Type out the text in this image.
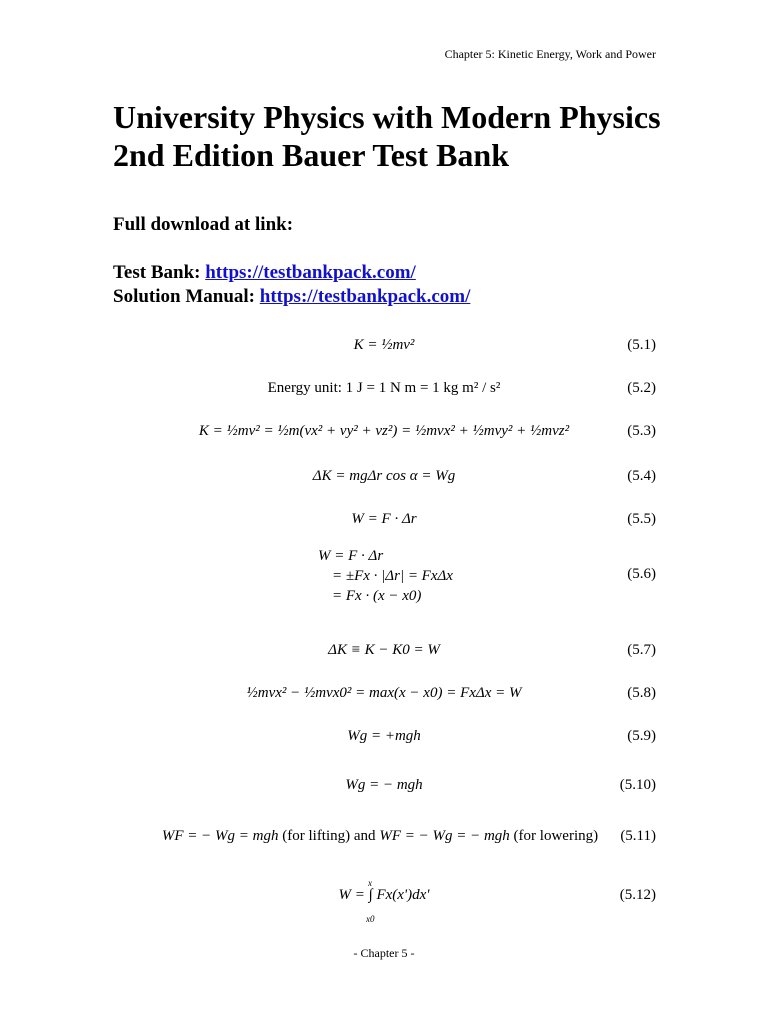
Chapter 5: Kinetic Energy, Work and Power
University Physics with Modern Physics 2nd Edition Bauer Test Bank
Full download at link:
Test Bank: https://testbankpack.com/
Solution Manual: https://testbankpack.com/
K = ½mv²	(5.1)
Energy unit: 1 J = 1 N m = 1 kg m² / s²	(5.2)
K = ½mv² = ½m(vx² + vy² + vz²) = ½mvx² + ½mvy² + ½mvz²	(5.3)
ΔK = mgΔr cos α = Wg	(5.4)
W = F · Δr	(5.5)
W = F · Δr
= ±Fx · |Δr| = FxΔx
= Fx · (x − x0)
(5.6)
ΔK ≡ K − K0 = W	(5.7)
½mvx² − ½mvx0² = max(x − x0) = FxΔx = W	(5.8)
Wg = +mgh	(5.9)
Wg = − mgh	(5.10)
WF = − Wg = mgh (for lifting) and WF = − Wg = − mgh (for lowering) (5.11)
x
W = ∫ Fx(x')dx'
x0
(5.12)
- Chapter 5 -
